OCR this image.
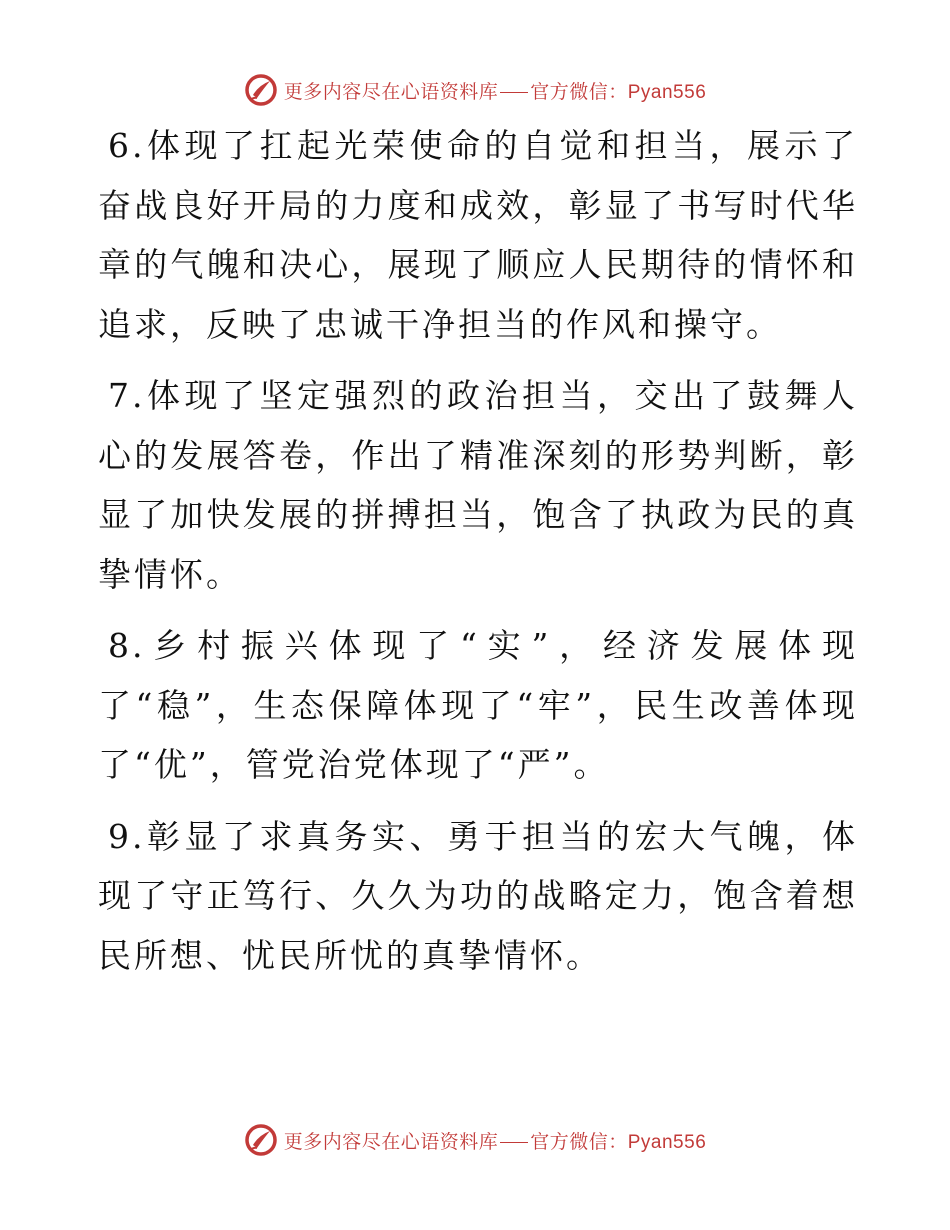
更多内容尽在心语资料库 官方微信：Pyan556

6.体现了扛起光荣使命的自觉和担当，展示了奋战良好开局的力度和成效，彰显了书写时代华章的气魄和决心，展现了顺应人民期待的情怀和追求，反映了忠诚干净担当的作风和操守。

7.体现了坚定强烈的政治担当，交出了鼓舞人心的发展答卷，作出了精准深刻的形势判断，彰显了加快发展的拼搏担当，饱含了执政为民的真挚情怀。

8.乡村振兴体现了“实”，经济发展体现了“稳”，生态保障体现了“牢”，民生改善体现了“优”，管党治党体现了“严”。

9.彰显了求真务实、勇于担当的宏大气魄，体现了守正笃行、久久为功的战略定力，饱含着想民所想、忧民所忧的真挚情怀。

更多内容尽在心语资料库 官方微信：Pyan556
